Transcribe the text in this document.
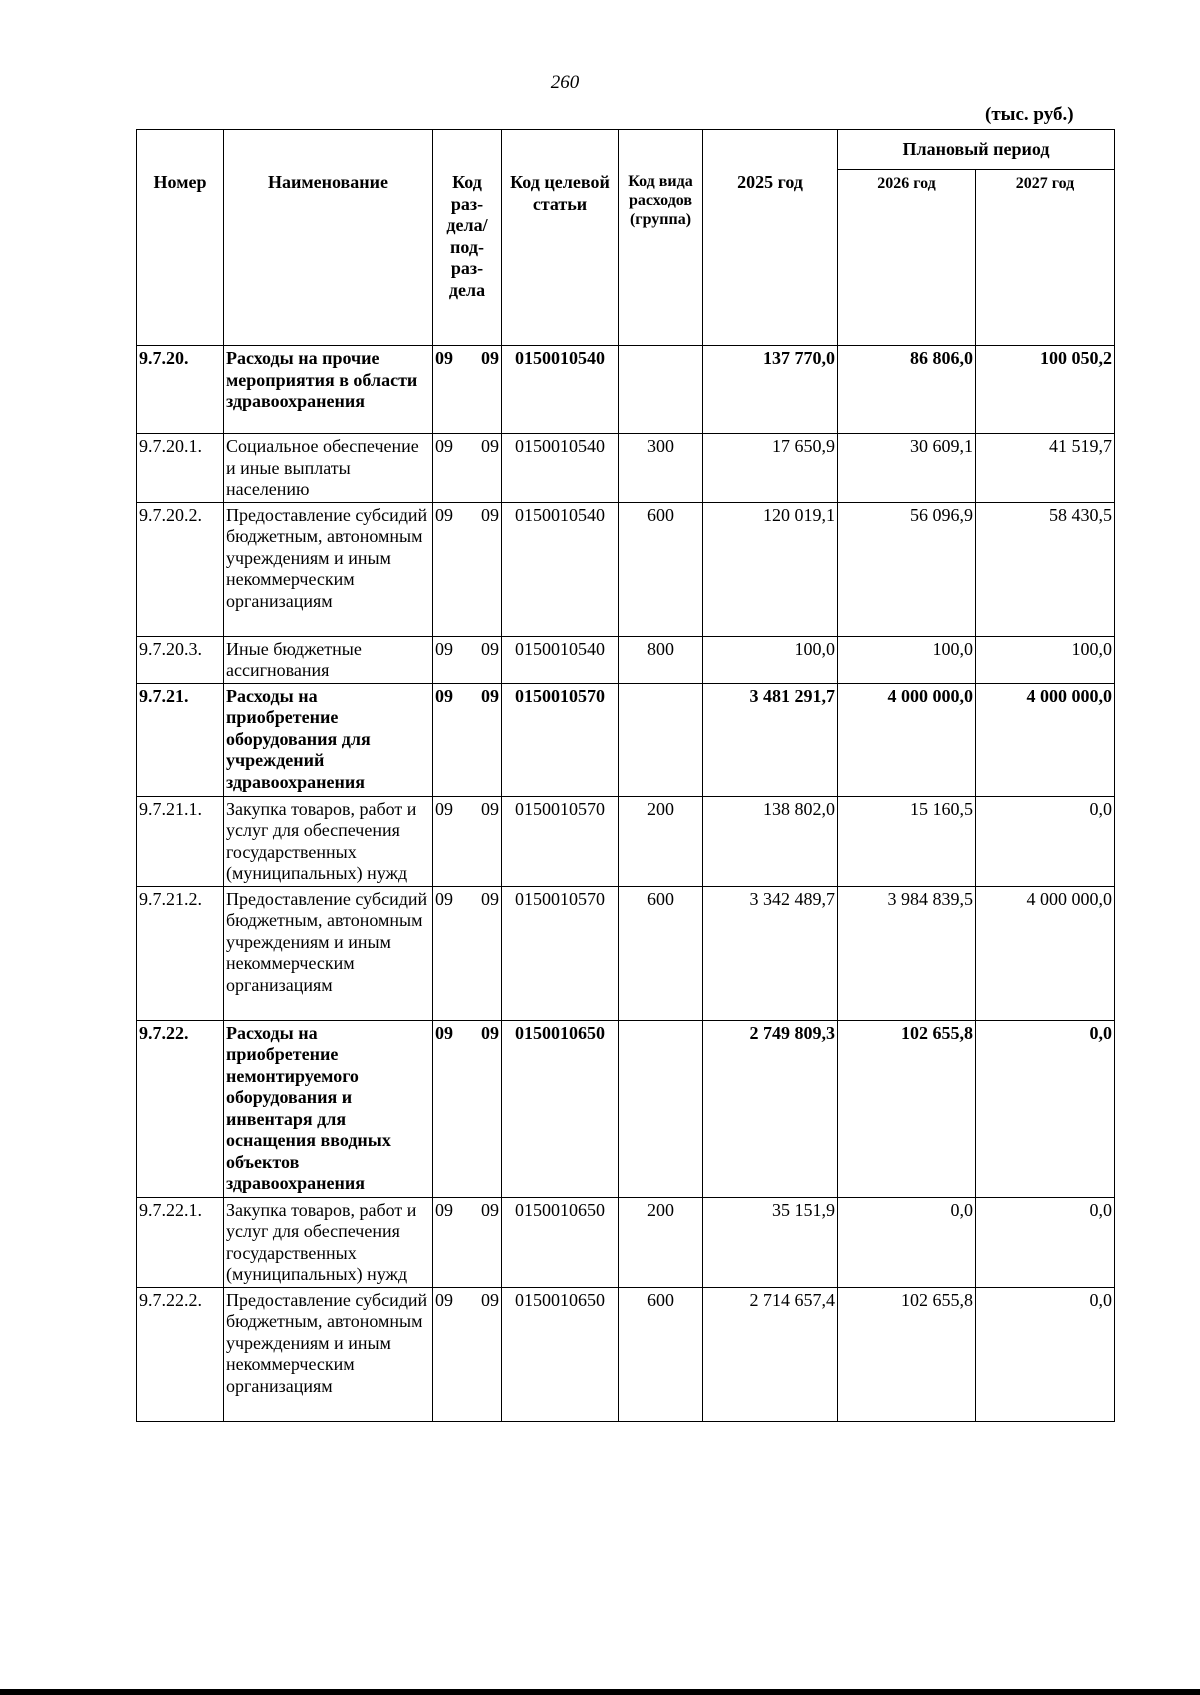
260
(тыс. руб.)
Номер	Наименование	Код раз- дела/ под- раз- дела	Код целевой статьи	Код вида расходов (группа)	2025 год	Плановый период	
						2026 год	2027 год
9.7.20.	Расходы на прочие мероприятия в области здравоохранения	09 09	0150010540		137 770,0	86 806,0	100 050,2
9.7.20.1.	Социальное обеспечение и иные выплаты населению	09 09	0150010540	300	17 650,9	30 609,1	41 519,7
9.7.20.2.	Предоставление субсидий бюджетным, автономным учреждениям и иным некоммерческим организациям	09 09	0150010540	600	120 019,1	56 096,9	58 430,5
9.7.20.3.	Иные бюджетные ассигнования	09 09	0150010540	800	100,0	100,0	100,0
9.7.21.	Расходы на приобретение оборудования для учреждений здравоохранения	09 09	0150010570		3 481 291,7	4 000 000,0	4 000 000,0
9.7.21.1.	Закупка товаров, работ и услуг для обеспечения государственных (муниципальных) нужд	09 09	0150010570	200	138 802,0	15 160,5	0,0
9.7.21.2.	Предоставление субсидий бюджетным, автономным учреждениям и иным некоммерческим организациям	09 09	0150010570	600	3 342 489,7	3 984 839,5	4 000 000,0
9.7.22.	Расходы на приобретение немонтируемого оборудования и инвентаря для оснащения вводных объектов здравоохранения	09 09	0150010650		2 749 809,3	102 655,8	0,0
9.7.22.1.	Закупка товаров, работ и услуг для обеспечения государственных (муниципальных) нужд	09 09	0150010650	200	35 151,9	0,0	0,0
9.7.22.2.	Предоставление субсидий бюджетным, автономным учреждениям и иным некоммерческим организациям	09 09	0150010650	600	2 714 657,4	102 655,8	0,0
